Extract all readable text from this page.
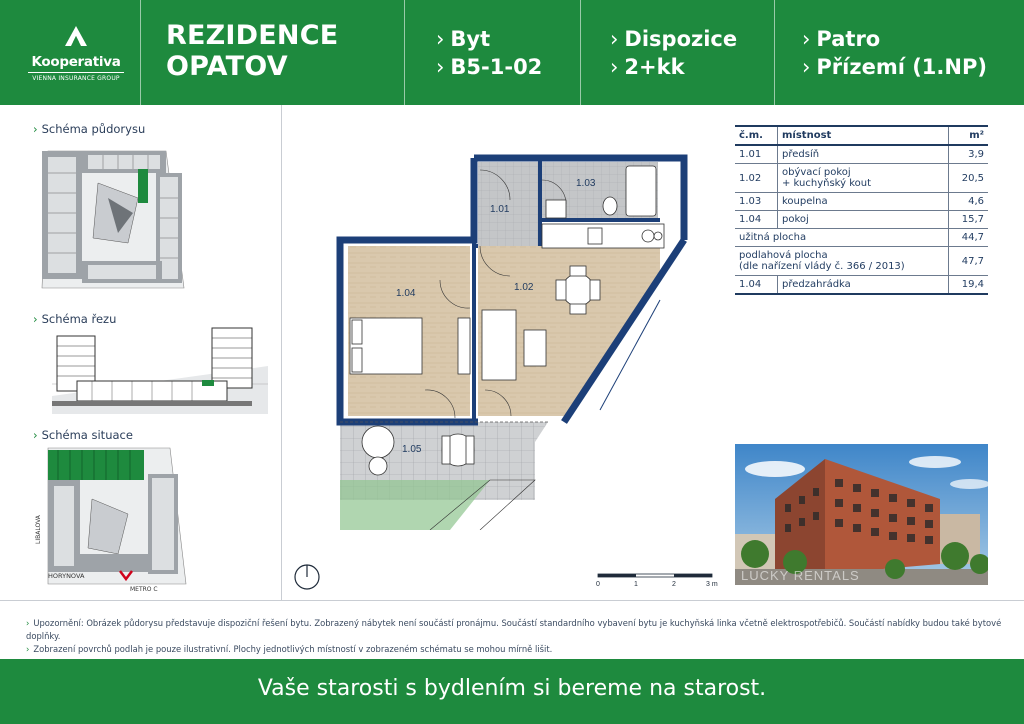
Kooperativa
VIENNA INSURANCE GROUP
REZIDENCE
OPATOV
› Byt
› B5-1-02
› Dispozice
› 2+kk
› Patro
› Přízemí (1.NP)
› Schéma půdorysu
› Schéma řezu
› Schéma situace
LIBALOVA
HORYNOVA
METRO C
1.04
1.02
1.01
1.03
1.05
0	1	2	3 m
č.m.	místnost	m²
1.01	předsíň	3,9
1.02	obývací pokoj
+ kuchyňský kout	20,5
1.03	koupelna	4,6
1.04	pokoj	15,7
užitná plocha		44,7

podlahová plocha
(dle nařízení vlády č. 366 / 2013)		47,7
1.04	předzahrádka	19,4
LUCKY RENTALS
› Upozornění: Obrázek půdorysu představuje dispoziční řešení bytu. Zobrazený nábytek není součástí pronájmu. Součástí standardního vybavení bytu je kuchyňská linka včetně elektrospotřebičů. Součástí nabídky budou také bytové doplňky.
› Zobrazení povrchů podlah je pouze ilustrativní. Plochy jednotlivých místností v zobrazeném schématu se mohou mírně lišit.
Vaše starosti s bydlením si bereme na starost.
